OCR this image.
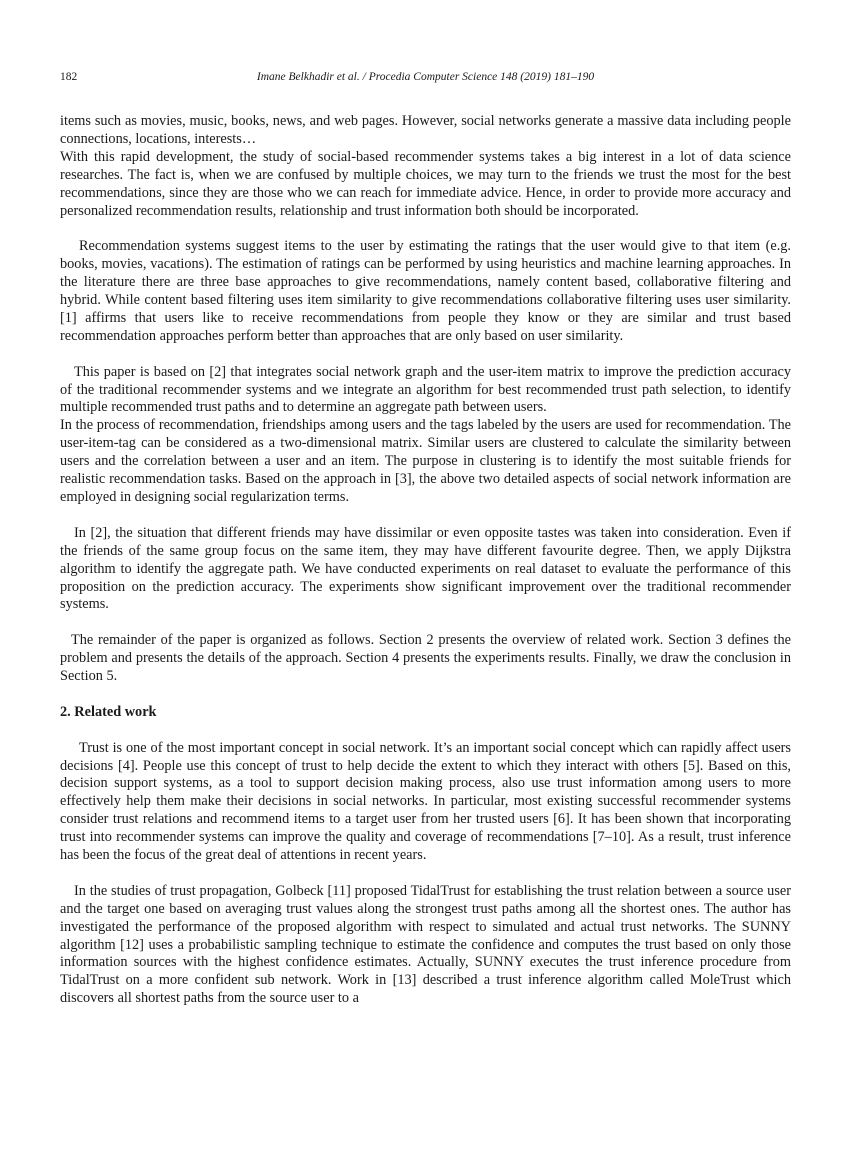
182	Imane Belkhadir et al. / Procedia Computer Science 148 (2019) 181–190

items such as movies, music, books, news, and web pages. However, social networks generate a massive data including people connections, locations, interests…

With this rapid development, the study of social-based recommender systems takes a big interest in a lot of data science researches. The fact is, when we are confused by multiple choices, we may turn to the friends we trust the most for the best recommendations, since they are those who we can reach for immediate advice. Hence, in order to provide more accuracy and personalized recommendation results, relationship and trust information both should be incorporated.

Recommendation systems suggest items to the user by estimating the ratings that the user would give to that item (e.g. books, movies, vacations). The estimation of ratings can be performed by using heuristics and machine learning approaches. In the literature there are three base approaches to give recommendations, namely content based, collaborative filtering and hybrid. While content based filtering uses item similarity to give recommendations collaborative filtering uses user similarity. [1] affirms that users like to receive recommendations from people they know or they are similar and trust based recommendation approaches perform better than approaches that are only based on user similarity.

This paper is based on [2] that integrates social network graph and the user-item matrix to improve the prediction accuracy of the traditional recommender systems and we integrate an algorithm for best recommended trust path selection, to identify multiple recommended trust paths and to determine an aggregate path between users.

In the process of recommendation, friendships among users and the tags labeled by the users are used for recommendation. The user-item-tag can be considered as a two-dimensional matrix. Similar users are clustered to calculate the similarity between users and the correlation between a user and an item. The purpose in clustering is to identify the most suitable friends for realistic recommendation tasks. Based on the approach in [3], the above two detailed aspects of social network information are employed in designing social regularization terms.

In [2], the situation that different friends may have dissimilar or even opposite tastes was taken into consideration. Even if the friends of the same group focus on the same item, they may have different favourite degree. Then, we apply Dijkstra algorithm to identify the aggregate path. We have conducted experiments on real dataset to evaluate the performance of this proposition on the prediction accuracy. The experiments show significant improvement over the traditional recommender systems.

The remainder of the paper is organized as follows. Section 2 presents the overview of related work. Section 3 defines the problem and presents the details of the approach. Section 4 presents the experiments results. Finally, we draw the conclusion in Section 5.

2. Related work

Trust is one of the most important concept in social network. It’s an important social concept which can rapidly affect users decisions [4]. People use this concept of trust to help decide the extent to which they interact with others [5]. Based on this, decision support systems, as a tool to support decision making process, also use trust information among users to more effectively help them make their decisions in social networks. In particular, most existing successful recommender systems consider trust relations and recommend items to a target user from her trusted users [6]. It has been shown that incorporating trust into recommender systems can improve the quality and coverage of recommendations [7–10]. As a result, trust inference has been the focus of the great deal of attentions in recent years.

In the studies of trust propagation, Golbeck [11] proposed TidalTrust for establishing the trust relation between a source user and the target one based on averaging trust values along the strongest trust paths among all the shortest ones. The author has investigated the performance of the proposed algorithm with respect to simulated and actual trust networks. The SUNNY algorithm [12] uses a probabilistic sampling technique to estimate the confidence and computes the trust based on only those information sources with the highest confidence estimates. Actually, SUNNY executes the trust inference procedure from TidalTrust on a more confident sub network. Work in [13] described a trust inference algorithm called MoleTrust which discovers all shortest paths from the source user to a
